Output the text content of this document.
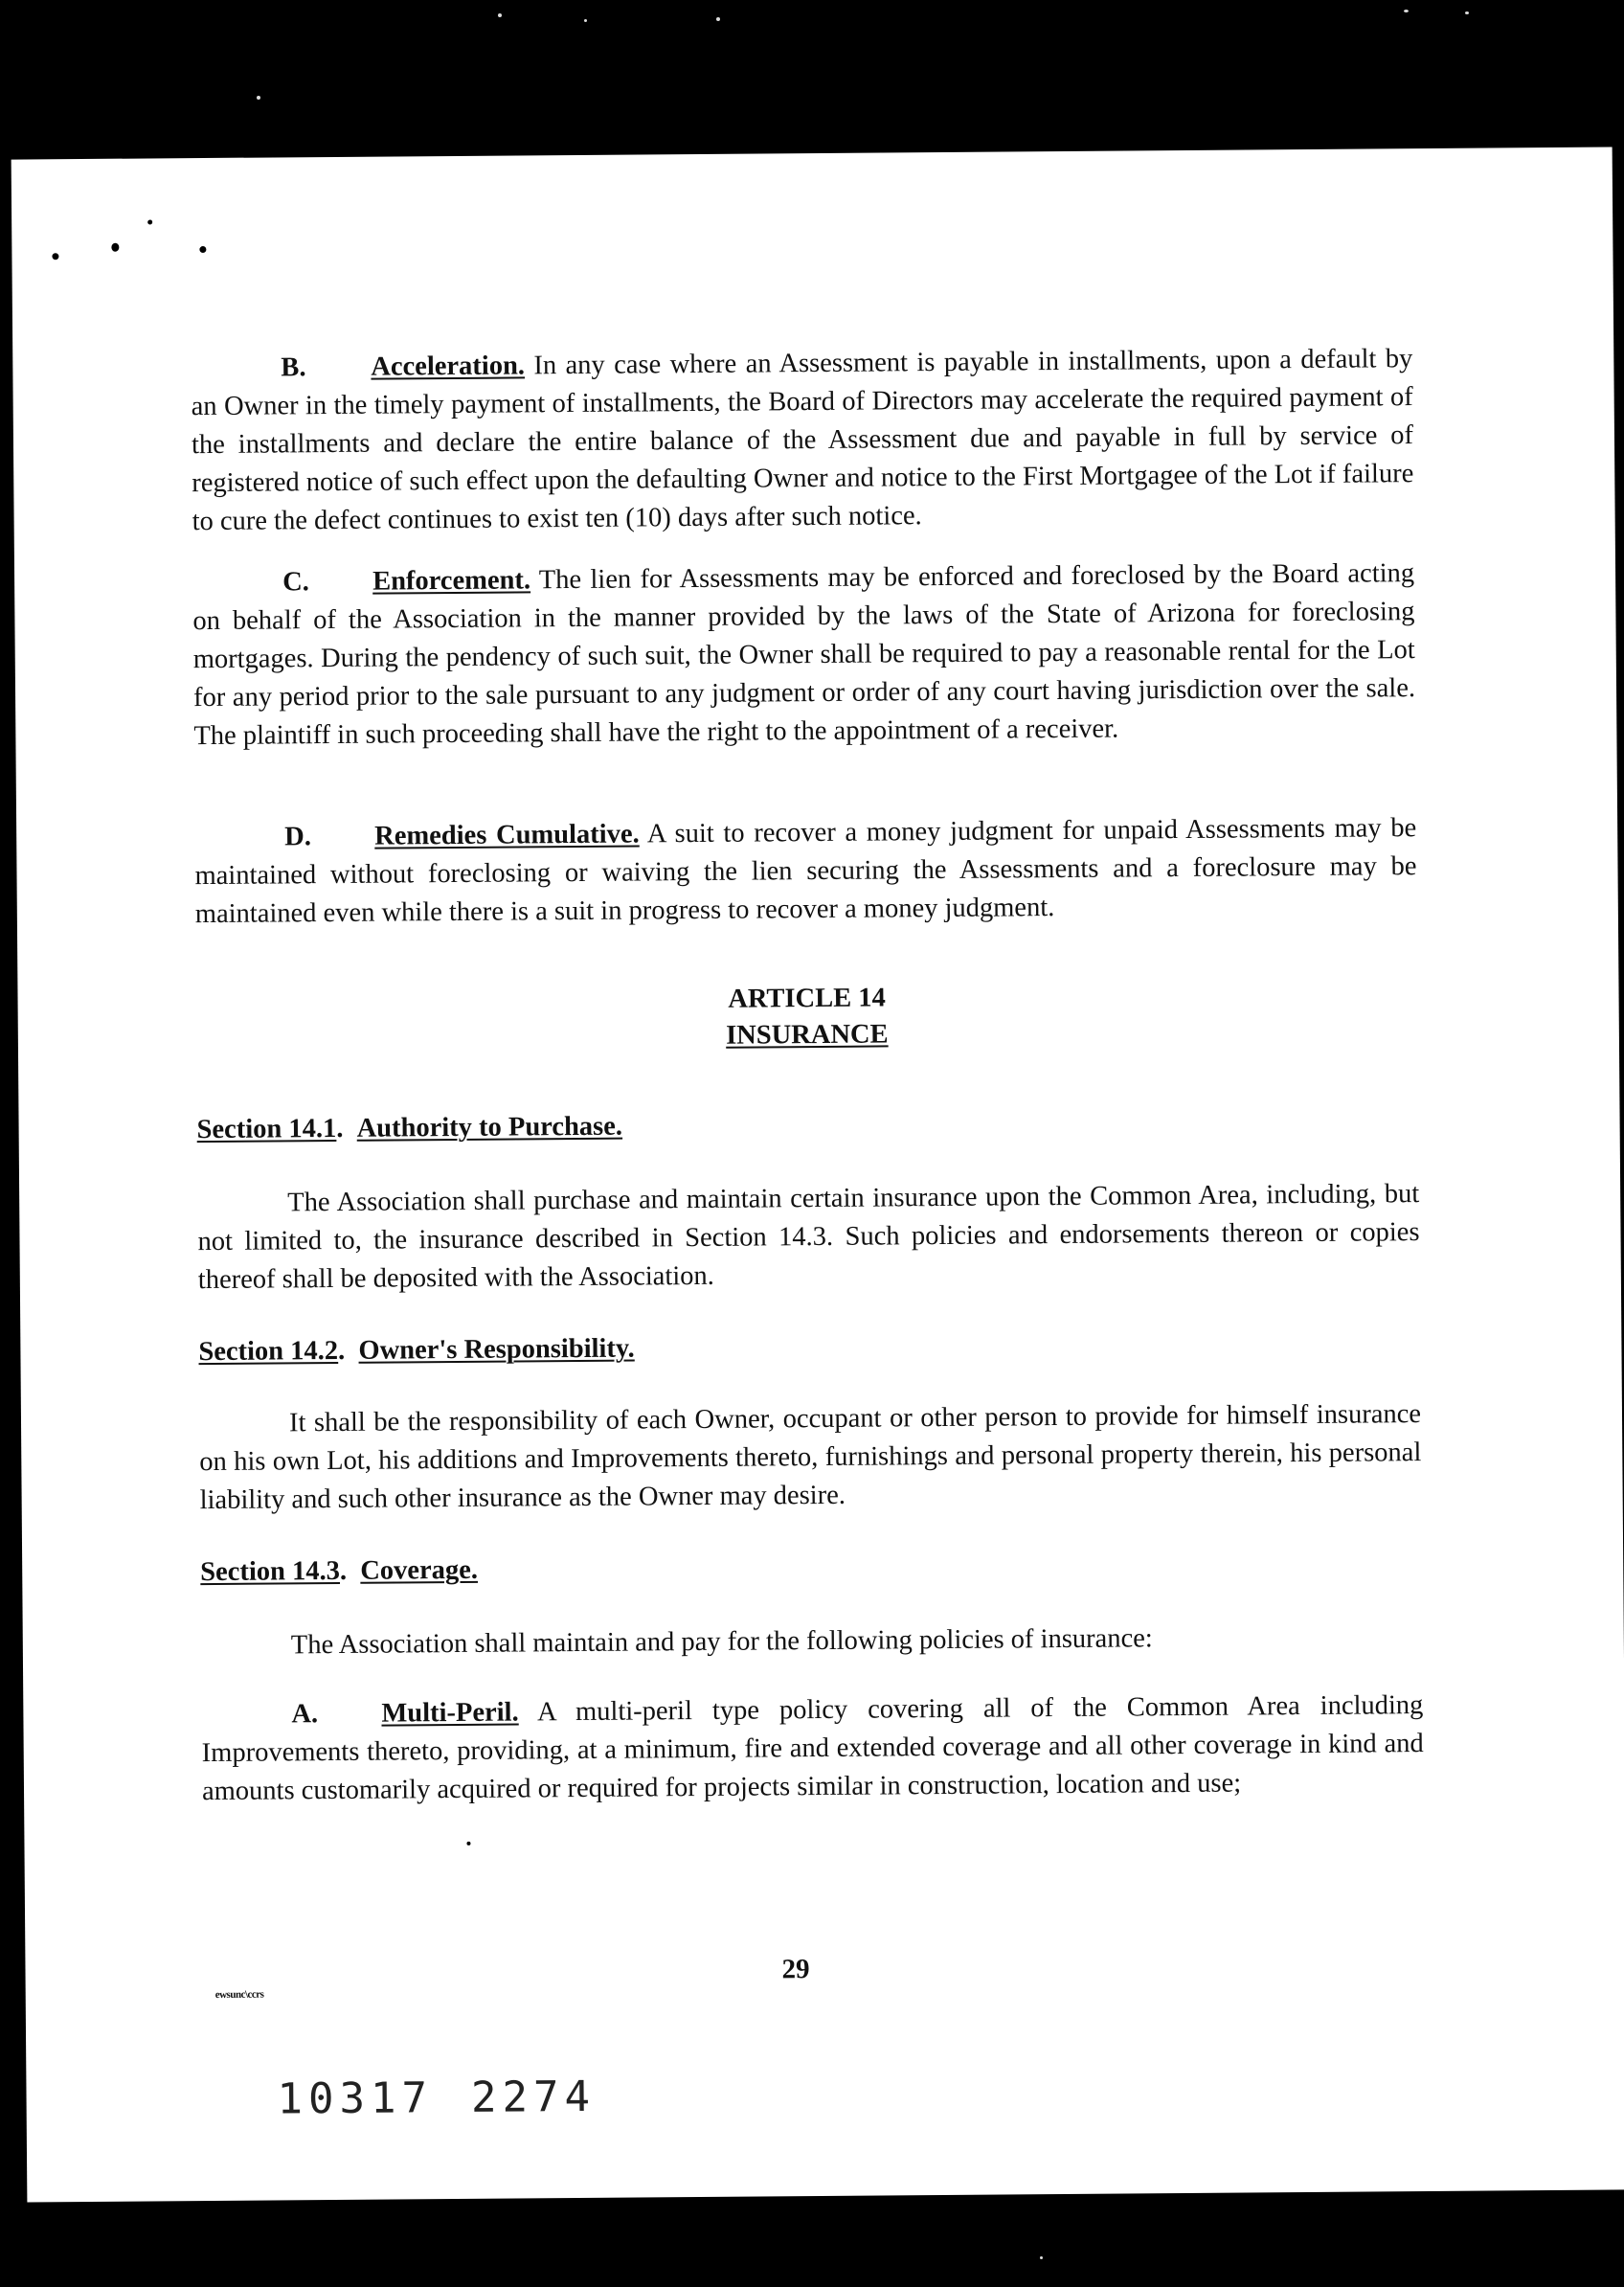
B. Acceleration. In any case where an Assessment is payable in installments, upon a default by an Owner in the timely payment of installments, the Board of Directors may accelerate the required payment of the installments and declare the entire balance of the Assessment due and payable in full by service of registered notice of such effect upon the defaulting Owner and notice to the First Mortgagee of the Lot if failure to cure the defect continues to exist ten (10) days after such notice.

C. Enforcement. The lien for Assessments may be enforced and foreclosed by the Board acting on behalf of the Association in the manner provided by the laws of the State of Arizona for foreclosing mortgages. During the pendency of such suit, the Owner shall be required to pay a reasonable rental for the Lot for any period prior to the sale pursuant to any judgment or order of any court having jurisdiction over the sale. The plaintiff in such proceeding shall have the right to the appointment of a receiver.

D. Remedies Cumulative. A suit to recover a money judgment for unpaid Assessments may be maintained without foreclosing or waiving the lien securing the Assessments and a foreclosure may be maintained even while there is a suit in progress to recover a money judgment.

ARTICLE 14
INSURANCE
Section 14.1.  Authority to Purchase.

The Association shall purchase and maintain certain insurance upon the Common Area, including, but not limited to, the insurance described in Section 14.3. Such policies and endorsements thereon or copies thereof shall be deposited with the Association.

Section 14.2.  Owner's Responsibility.

It shall be the responsibility of each Owner, occupant or other person to provide for himself insurance on his own Lot, his additions and Improvements thereto, furnishings and personal property therein, his personal liability and such other insurance as the Owner may desire.

Section 14.3.  Coverage.

The Association shall maintain and pay for the following policies of insurance:

A. Multi-Peril. A multi-peril type policy covering all of the Common Area including Improvements thereto, providing, at a minimum, fire and extended coverage and all other coverage in kind and amounts customarily acquired or required for projects similar in construction, location and use;

29
ewsunc\ccrs
10317 2274
